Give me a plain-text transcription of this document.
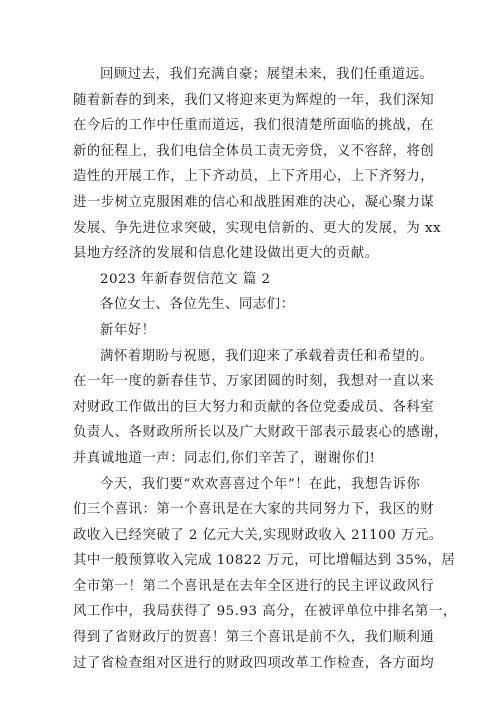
回顾过去，我们充满自豪；展望未来，我们任重道远。
随着新春的到来，我们又将迎来更为辉煌的一年，我们深知
在今后的工作中任重而道远，我们很清楚所面临的挑战，在
新的征程上，我们电信全体员工责无旁贷，义不容辞，将创
造性的开展工作，上下齐动员，上下齐用心，上下齐努力，
进一步树立克服困难的信心和战胜困难的决心，凝心聚力谋
发展、争先进位求突破，实现电信新的、更大的发展，为 xx
县地方经济的发展和信息化建设做出更大的贡献。

2023 年新春贺信范文 篇 2

各位女士、各位先生、同志们：

新年好！

满怀着期盼与祝愿，我们迎来了承载着责任和希望的。
在一年一度的新春佳节、万家团圆的时刻，我想对一直以来
对财政工作做出的巨大努力和贡献的各位党委成员、各科室
负责人、各财政所所长以及广大财政干部表示最衷心的感谢，
并真诚地道一声：同志们,你们辛苦了，谢谢你们!

今天，我们要“欢欢喜喜过个年”！在此，我想告诉你
们三个喜讯：第一个喜讯是在大家的共同努力下，我区的财
政收入已经突破了 2 亿元大关,实现财政收入 21100 万元。
其中一般预算收入完成 10822 万元，可比增幅达到 35%，居
全市第一！第二个喜讯是在去年全区进行的民主评议政风行
风工作中，我局获得了 95.93 高分，在被评单位中排名第一，
得到了省财政厅的贺喜！第三个喜讯是前不久，我们顺利通
过了省检查组对区进行的财政四项改革工作检查，各方面均
